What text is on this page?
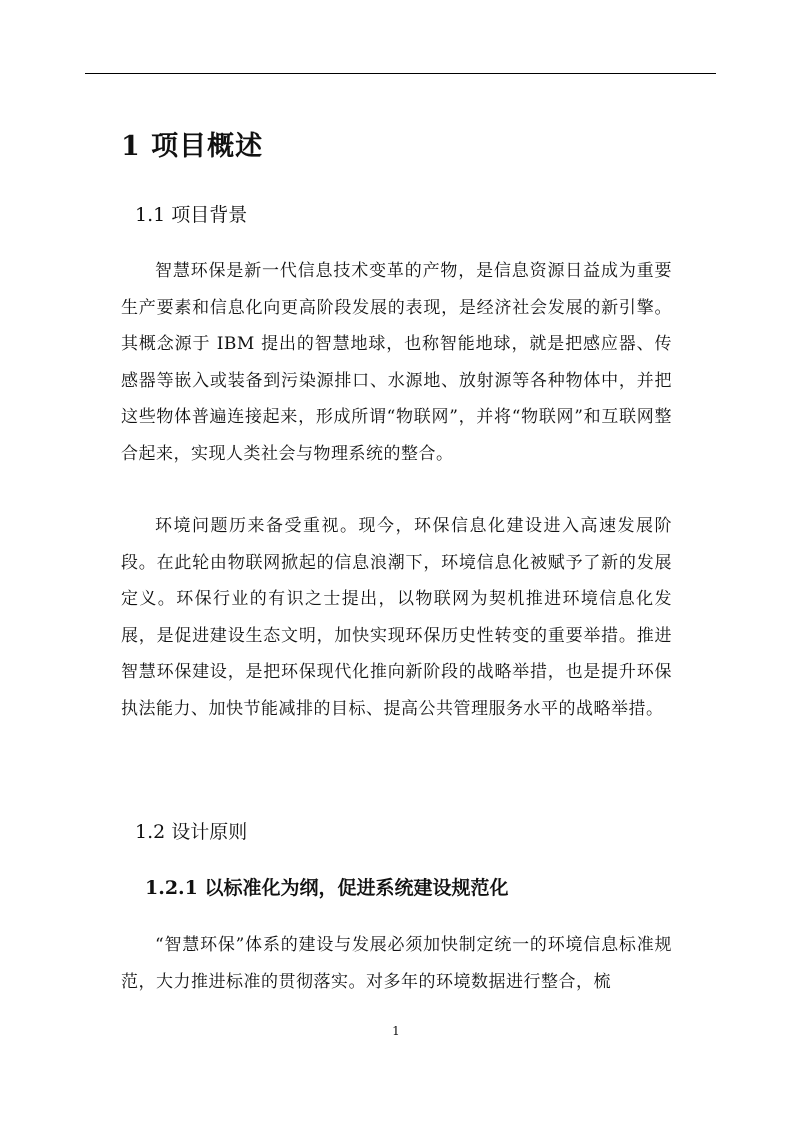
1 项目概述
1.1 项目背景
智慧环保是新一代信息技术变革的产物，是信息资源日益成为重要生产要素和信息化向更高阶段发展的表现，是经济社会发展的新引擎。其概念源于 IBM 提出的智慧地球，也称智能地球，就是把感应器、传感器等嵌入或装备到污染源排口、水源地、放射源等各种物体中，并把这些物体普遍连接起来，形成所谓“物联网”，并将“物联网”和互联网整合起来，实现人类社会与物理系统的整合。
环境问题历来备受重视。现今，环保信息化建设进入高速发展阶段。在此轮由物联网掀起的信息浪潮下，环境信息化被赋予了新的发展定义。环保行业的有识之士提出，以物联网为契机推进环境信息化发展，是促进建设生态文明，加快实现环保历史性转变的重要举措。推进智慧环保建设，是把环保现代化推向新阶段的战略举措，也是提升环保执法能力、加快节能减排的目标、提高公共管理服务水平的战略举措。
1.2 设计原则
1.2.1 以标准化为纲，促进系统建设规范化
“智慧环保”体系的建设与发展必须加快制定统一的环境信息标准规范，大力推进标准的贯彻落实。对多年的环境数据进行整合，梳
1
